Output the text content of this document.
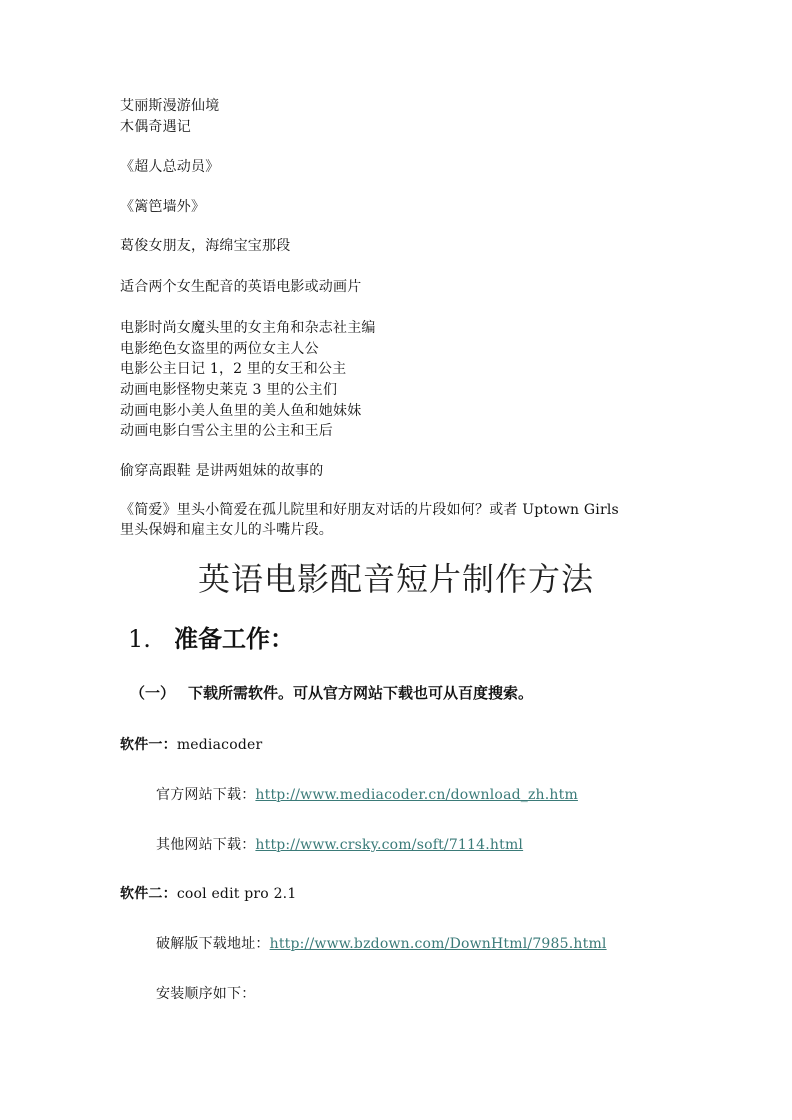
艾丽斯漫游仙境
木偶奇遇记
《超人总动员》
《篱笆墙外》
葛俊女朋友，海绵宝宝那段
适合两个女生配音的英语电影或动画片
电影时尚女魔头里的女主角和杂志社主编
电影绝色女盗里的两位女主人公
电影公主日记 1，2 里的女王和公主
动画电影怪物史莱克 3 里的公主们
动画电影小美人鱼里的美人鱼和她妹妹
动画电影白雪公主里的公主和王后
偷穿高跟鞋 是讲两姐妹的故事的
《简爱》里头小简爱在孤儿院里和好朋友对话的片段如何？或者 Uptown Girls
里头保姆和雇主女儿的斗嘴片段。
英语电影配音短片制作方法
1. 准备工作：
（一） 下载所需软件。可从官方网站下载也可从百度搜索。
软件一：mediacoder
官方网站下载：http://www.mediacoder.cn/download_zh.htm
其他网站下载：http://www.crsky.com/soft/7114.html
软件二：cool edit pro 2.1
破解版下载地址：http://www.bzdown.com/DownHtml/7985.html
安装顺序如下：
